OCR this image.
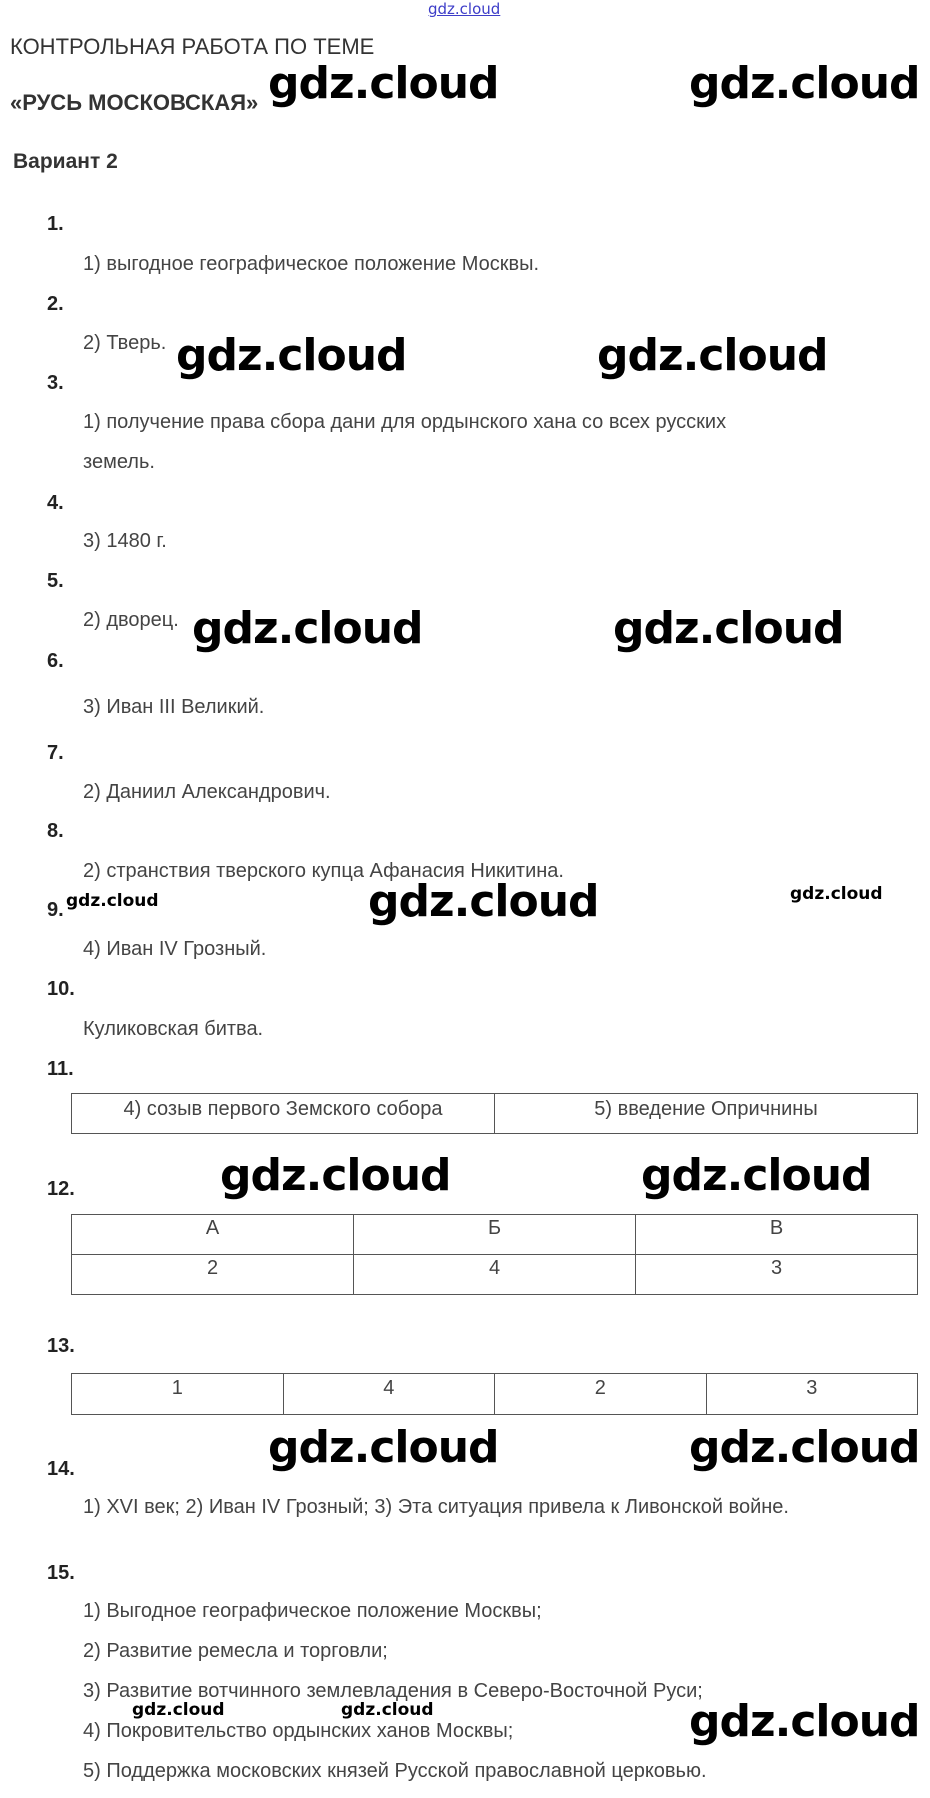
gdz.cloud
КОНТРОЛЬНАЯ РАБОТА ПО ТЕМЕ
«РУСЬ МОСКОВСКАЯ»
Вариант 2
1.
1) выгодное географическое положение Москвы.
2.
2) Тверь.
3.
1) получение права сбора дани для ордынского хана со всех русских
земель.
4.
3) 1480 г.
5.
2) дворец.
6.
3) Иван III Великий.
7.
2) Даниил Александрович.
8.
2) странствия тверского купца Афанасия Никитина.
9.
4) Иван IV Грозный.
10.
Куликовская битва.
11.
4) созыв первого Земского собора	5) введение Опричнины
12.
А	Б	В
2	4	3
13.
1	4	2	3
14.
1) XVI век; 2) Иван IV Грозный; 3) Эта ситуация привела к Ливонской войне.
15.
1) Выгодное географическое положение Москвы;
2) Развитие ремесла и торговли;
3) Развитие вотчинного землевладения в Северо-Восточной Руси;
4) Покровительство ордынских ханов Москвы;
5) Поддержка московских князей Русской православной церковью.
gdz.cloud	gdz.cloud
gdz.cloud	gdz.cloud
gdz.cloud	gdz.cloud
gdz.cloud	gdz.cloud	gdz.cloud
gdz.cloud	gdz.cloud
gdz.cloud	gdz.cloud
gdz.cloud	gdz.cloud	gdz.cloud
